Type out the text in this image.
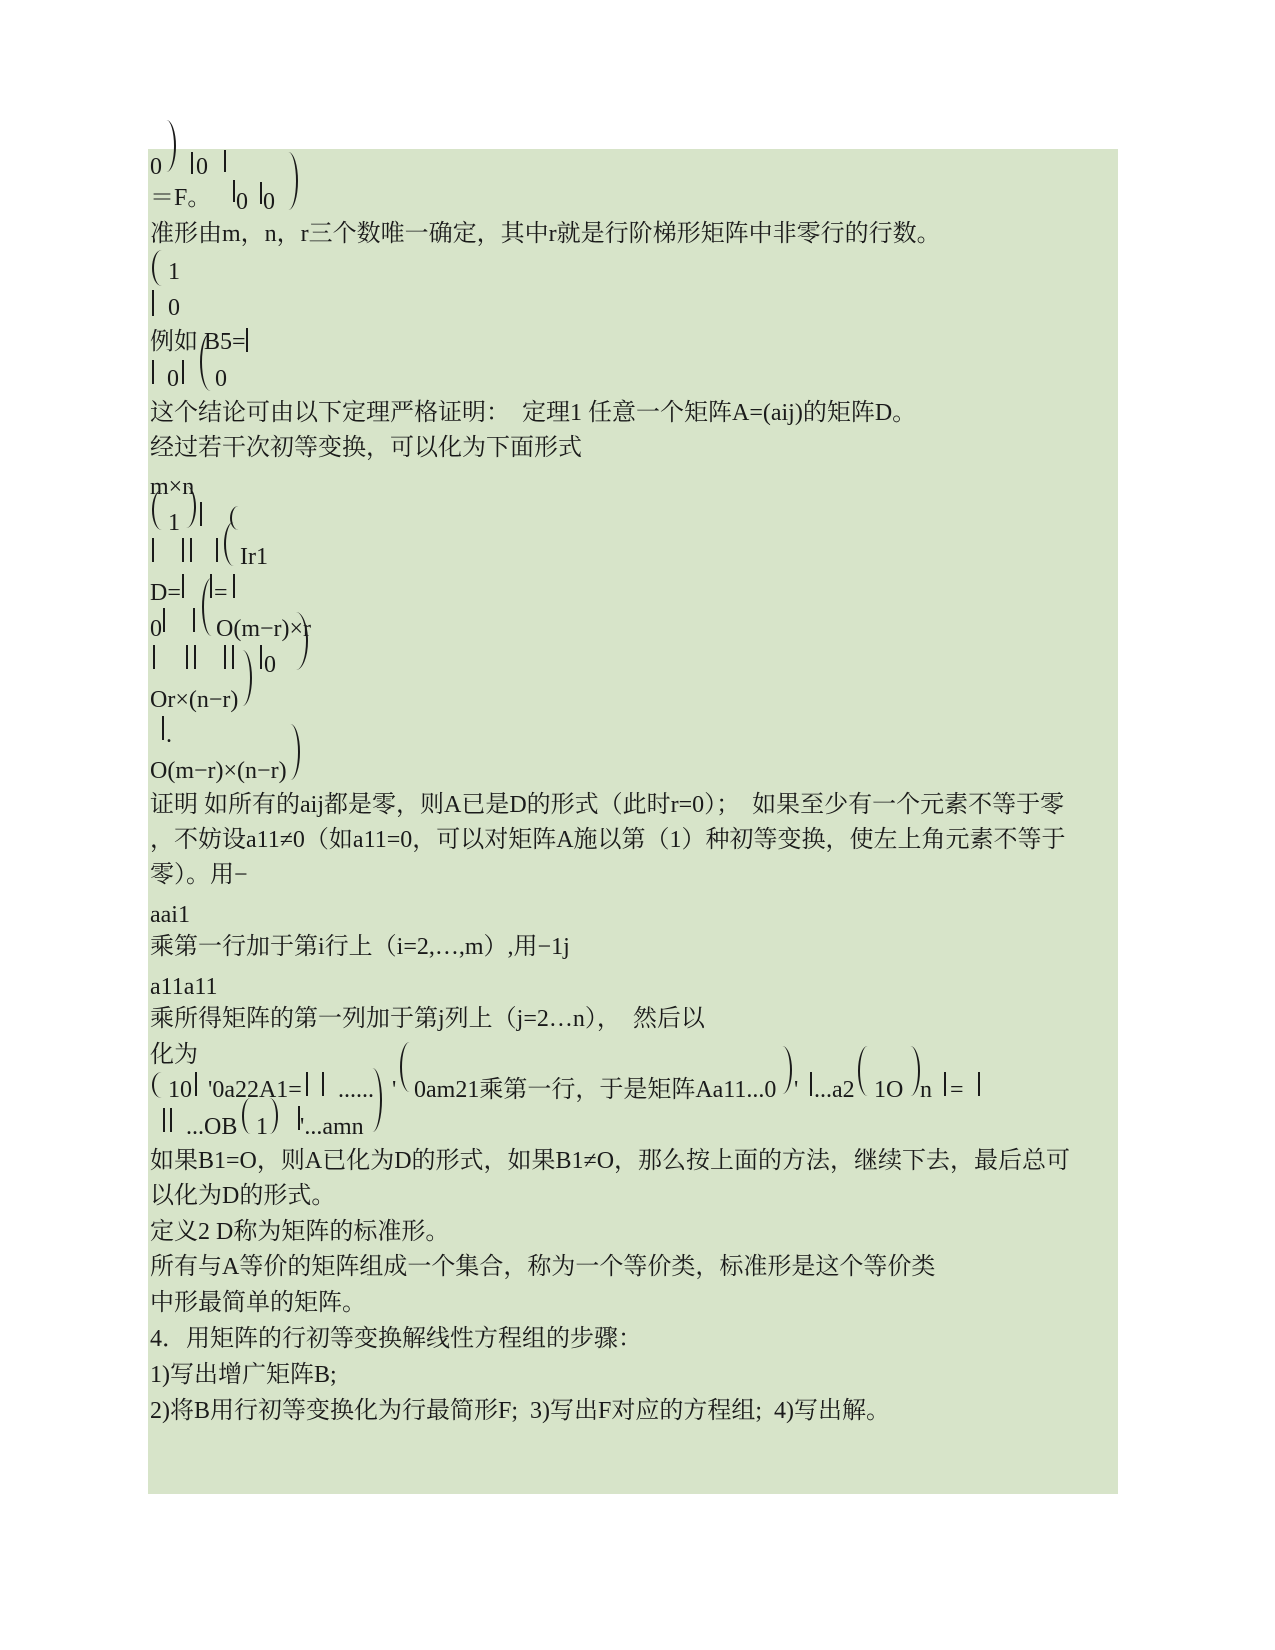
0 0
＝F。 0 0
准形由m，n，r三个数唯一确定，其中r就是行阶梯形矩阵中非零行的行数。
1
0
例如 B5=
0 0
这个结论可由以下定理严格证明：  定理1 任意一个矩阵A=(aij)的矩阵D。
经过若干次初等变换，可以化为下面形式
m×n
1
Ir1
D= =
0 O(m−r)×r
0
Or×(n−r)
.
O(m−r)×(n−r)
证明 如所有的aij都是零，则A已是D的形式（此时r=0）；  如果至少有一个元素不等于零
，不妨设a11≠0（如a11=0，可以对矩阵A施以第（1）种初等变换，使左上角元素不等于
零）。用−
aai1
乘第一行加于第i行上（i=2,…,m）,用−1j
a11a11
乘所得矩阵的第一列加于第j列上（j=2…n），  然后以
化为
10 '0a22A1= ...... ' 0am21乘第一行，于是矩阵Aa11...0 ' ...a2 1O n =
...OB 1 '...amn
如果B1=O，则A已化为D的形式，如果B1≠O，那么按上面的方法，继续下去，最后总可
以化为D的形式。
定义2 D称为矩阵的标准形。
所有与A等价的矩阵组成一个集合，称为一个等价类，标准形是这个等价类
中形最简单的矩阵。
4．用矩阵的行初等变换解线性方程组的步骤：
1)写出增广矩阵B;
2)将B用行初等变换化为行最简形F;  3)写出F对应的方程组;  4)写出解。
